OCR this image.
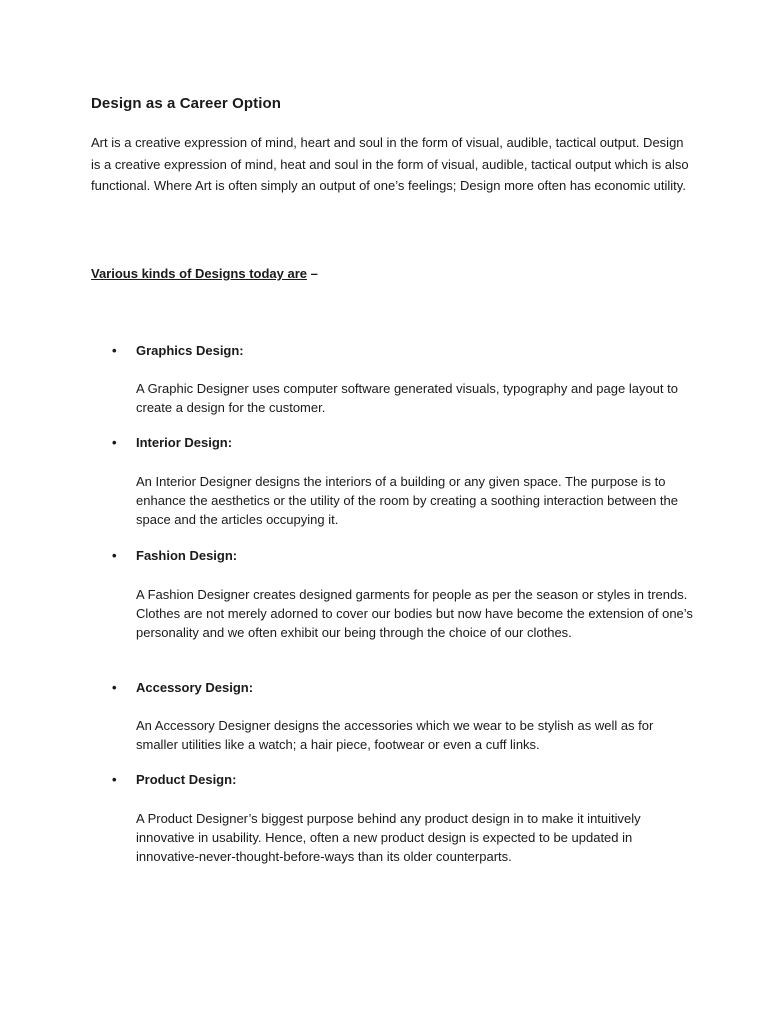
Design as a Career Option

Art is a creative expression of mind, heart and soul in the form of visual, audible, tactical output. Design is a creative expression of mind, heat and soul in the form of visual, audible, tactical output which is also functional. Where Art is often simply an output of one’s feelings; Design more often has economic utility.

Various kinds of Designs today are –

• Graphics Design:

A Graphic Designer uses computer software generated visuals, typography and page layout to create a design for the customer.

• Interior Design:

An Interior Designer designs the interiors of a building or any given space. The purpose is to enhance the aesthetics or the utility of the room by creating a soothing interaction between the space and the articles occupying it.

• Fashion Design:

A Fashion Designer creates designed garments for people as per the season or styles in trends. Clothes are not merely adorned to cover our bodies but now have become the extension of one’s personality and we often exhibit our being through the choice of our clothes.

• Accessory Design:

An Accessory Designer designs the accessories which we wear to be stylish as well as for smaller utilities like a watch; a hair piece, footwear or even a cuff links.

• Product Design:

A Product Designer’s biggest purpose behind any product design in to make it intuitively innovative in usability. Hence, often a new product design is expected to be updated in innovative-never-thought-before-ways than its older counterparts.
